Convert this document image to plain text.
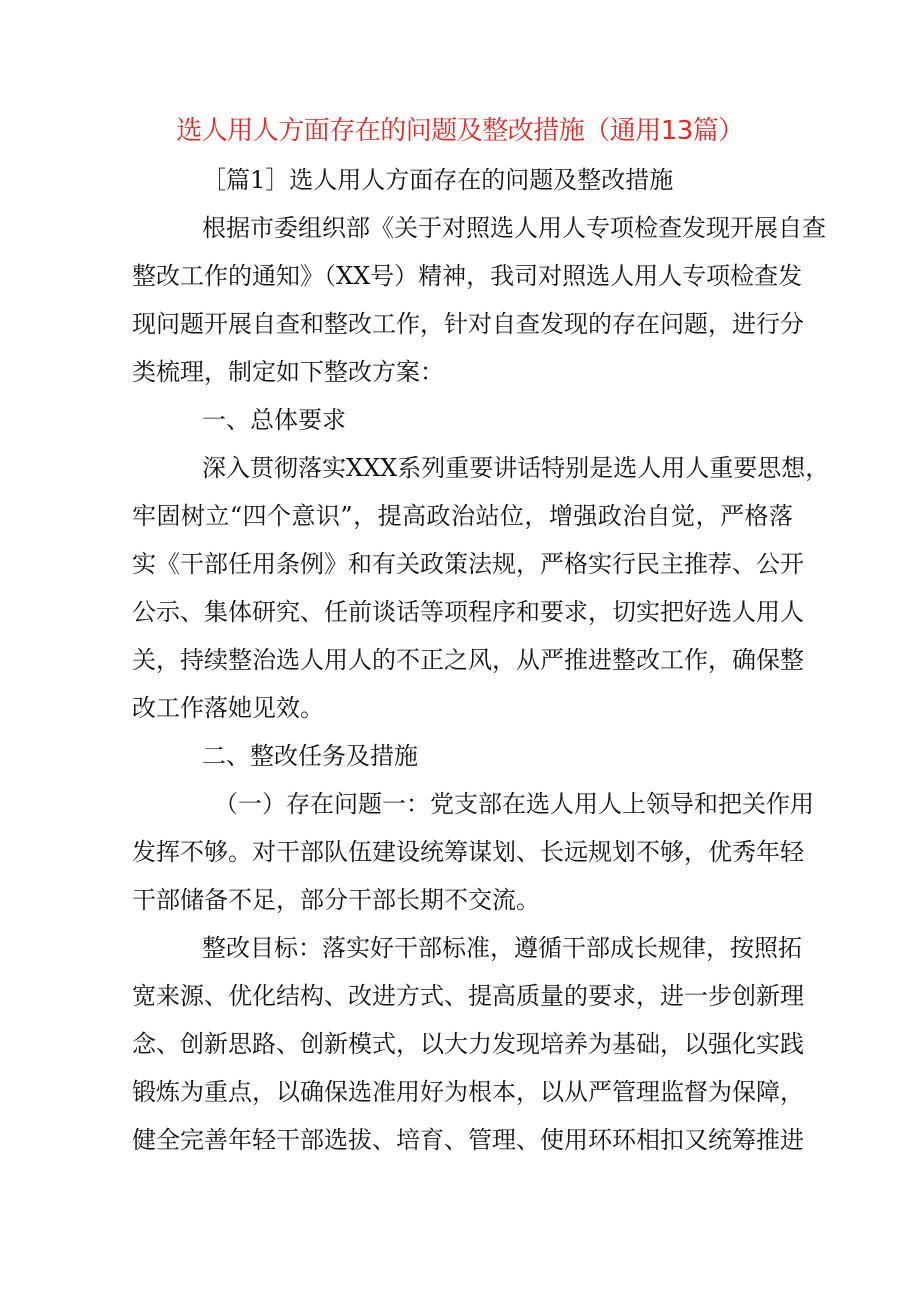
选人用人方面存在的问题及整改措施（通用13篇）

［篇1］选人用人方面存在的问题及整改措施

根据市委组织部《关于对照选人用人专项检查发现开展自查

整改工作的通知》（XX号）精神，我司对照选人用人专项检查发

现问题开展自查和整改工作，针对自查发现的存在问题，进行分

类梳理，制定如下整改方案：

一、总体要求

深入贯彻落实XXX系列重要讲话特别是选人用人重要思想，

牢固树立“四个意识”，提高政治站位，增强政治自觉，严格落

实《干部任用条例》和有关政策法规，严格实行民主推荐、公开

公示、集体研究、任前谈话等项程序和要求，切实把好选人用人

关，持续整治选人用人的不正之风，从严推进整改工作，确保整

改工作落她见效。

二、整改任务及措施

（一）存在问题一：党支部在选人用人上领导和把关作用

发挥不够。对干部队伍建设统筹谋划、长远规划不够，优秀年轻

干部储备不足，部分干部长期不交流。

整改目标：落实好干部标准，遵循干部成长规律，按照拓

宽来源、优化结构、改进方式、提高质量的要求，进一步创新理

念、创新思路、创新模式，以大力发现培养为基础，以强化实践

锻炼为重点，以确保选准用好为根本，以从严管理监督为保障，

健全完善年轻干部选拔、培育、管理、使用环环相扣又统筹推进
